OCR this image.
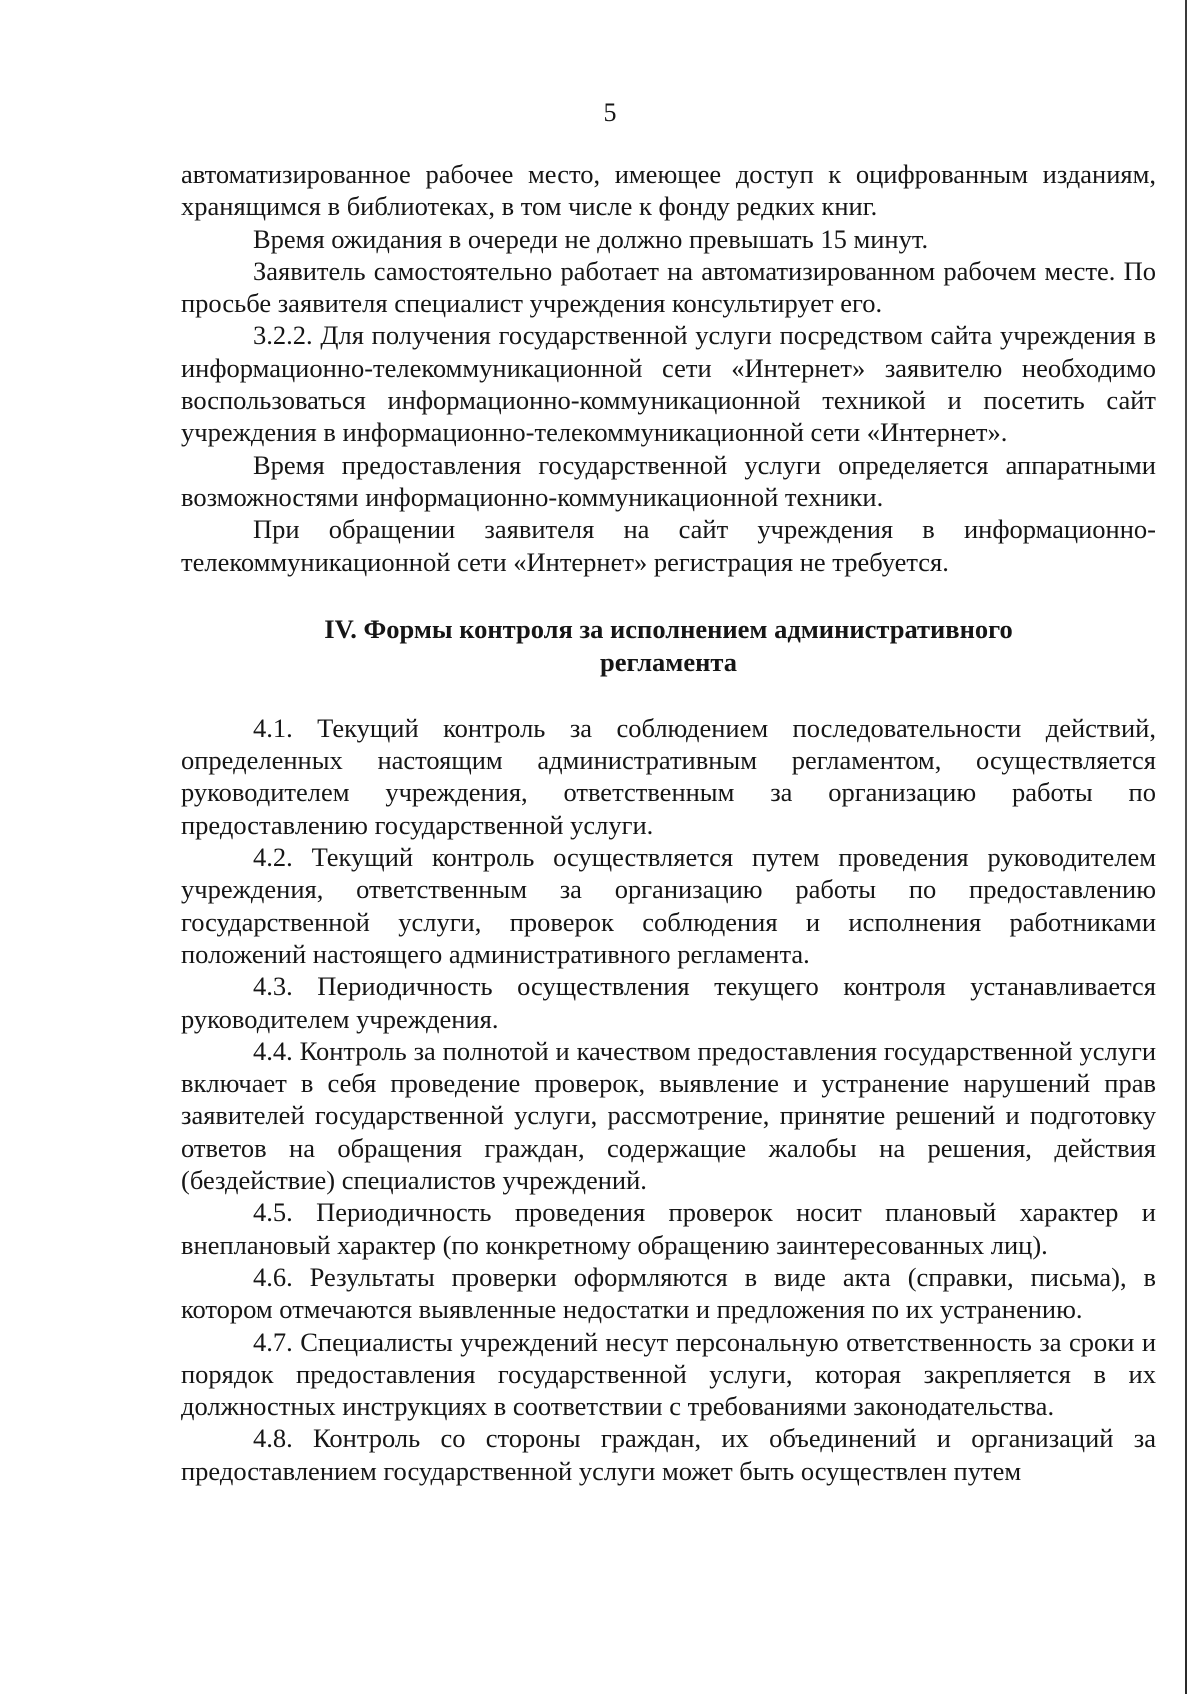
5

автоматизированное рабочее место, имеющее доступ к оцифрованным изданиям, хранящимся в библиотеках, в том числе к фонду редких книг.

Время ожидания в очереди не должно превышать 15 минут.

Заявитель самостоятельно работает на автоматизированном рабочем месте. По просьбе заявителя специалист учреждения консультирует его.

3.2.2. Для получения государственной услуги посредством сайта учреждения в информационно-телекоммуникационной сети «Интернет» заявителю необходимо воспользоваться информационно-коммуникационной техникой и посетить сайт учреждения в информационно-телекоммуникационной сети «Интернет».

Время предоставления государственной услуги определяется аппаратными возможностями информационно-коммуникационной техники.

При обращении заявителя на сайт учреждения в информационно-телекоммуникационной сети «Интернет» регистрация не требуется.

IV. Формы контроля за исполнением административного
регламента

4.1. Текущий контроль за соблюдением последовательности действий, определенных настоящим административным регламентом, осуществляется руководителем учреждения, ответственным за организацию работы по предоставлению государственной услуги.

4.2. Текущий контроль осуществляется путем проведения руководителем учреждения, ответственным за организацию работы по предоставлению государственной услуги, проверок соблюдения и исполнения работниками положений настоящего административного регламента.

4.3. Периодичность осуществления текущего контроля устанавливается руководителем учреждения.

4.4. Контроль за полнотой и качеством предоставления государственной услуги включает в себя проведение проверок, выявление и устранение нарушений прав заявителей государственной услуги, рассмотрение, принятие решений и подготовку ответов на обращения граждан, содержащие жалобы на решения, действия (бездействие) специалистов учреждений.

4.5. Периодичность проведения проверок носит плановый характер и внеплановый характер (по конкретному обращению заинтересованных лиц).

4.6. Результаты проверки оформляются в виде акта (справки, письма), в котором отмечаются выявленные недостатки и предложения по их устранению.

4.7. Специалисты учреждений несут персональную ответственность за сроки и порядок предоставления государственной услуги, которая закрепляется в их должностных инструкциях в соответствии с требованиями законодательства.

4.8. Контроль со стороны граждан, их объединений и организаций за предоставлением государственной услуги может быть осуществлен путем
